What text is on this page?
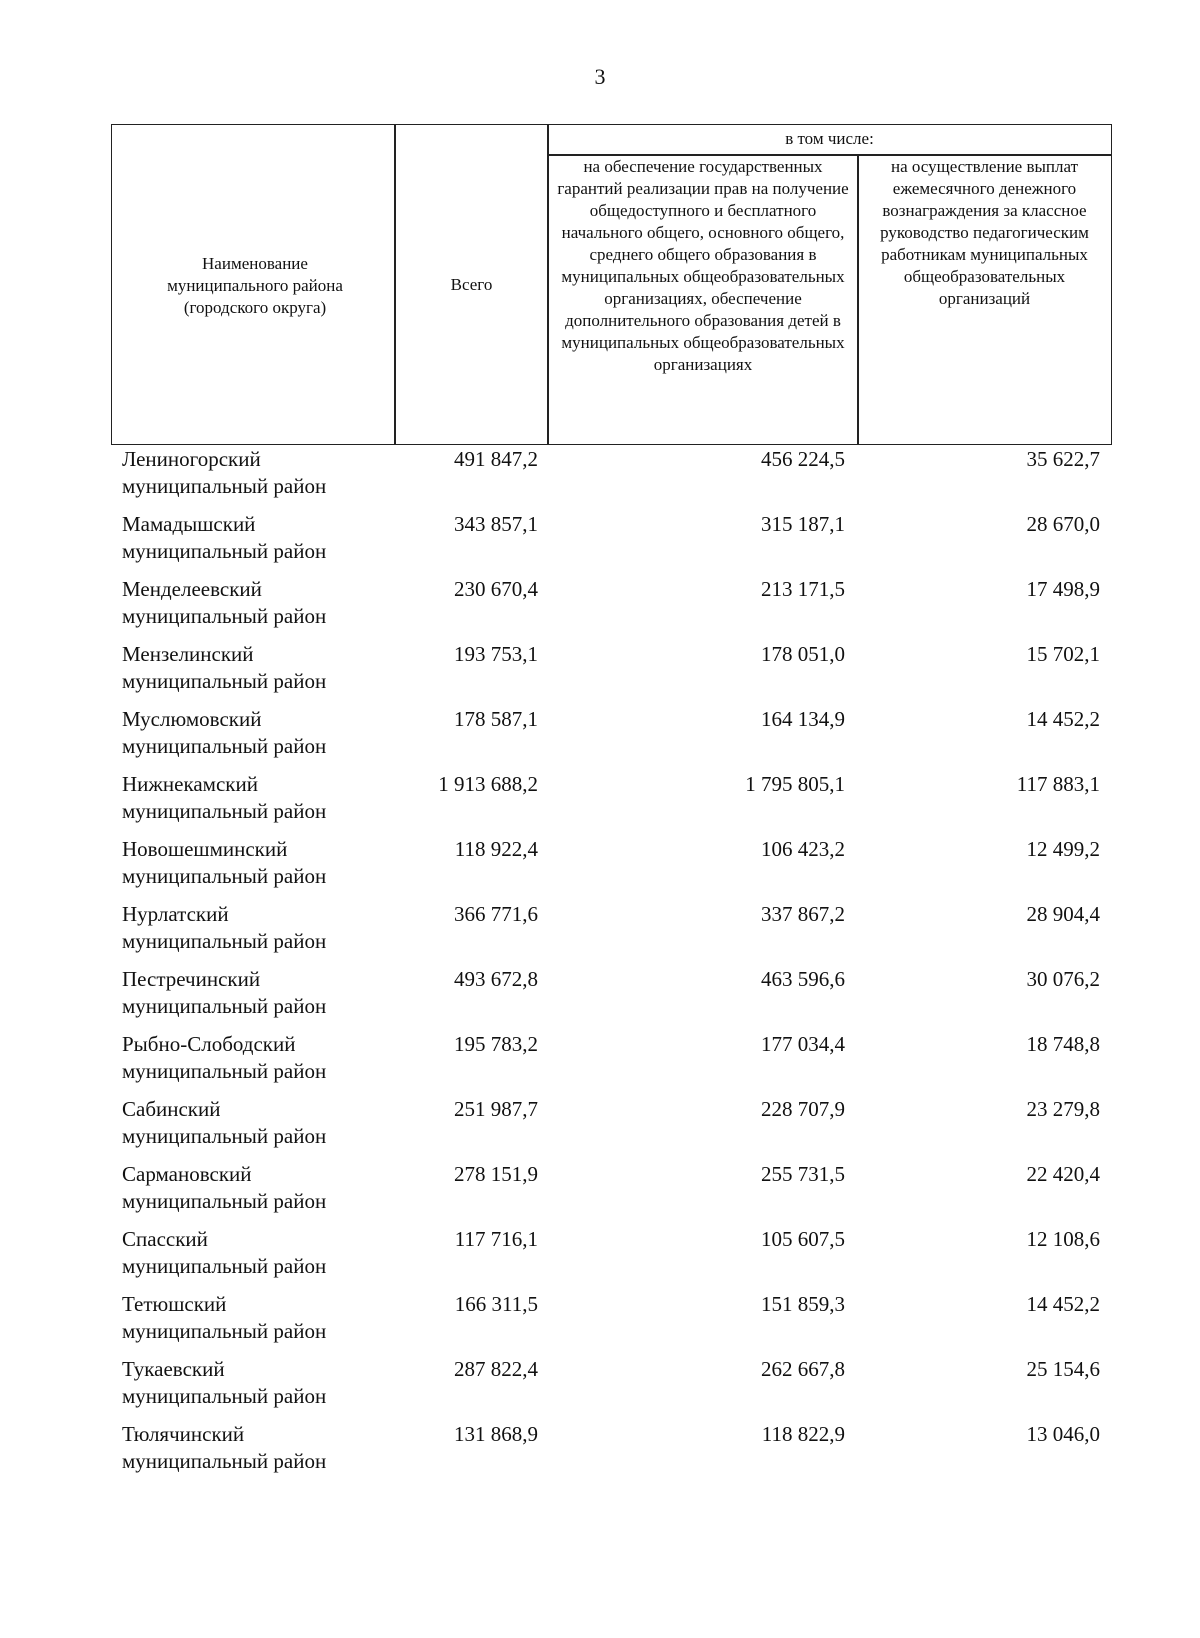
3
Наименование муниципального района (городского округа)
Всего
в том числе:
на обеспечение государственных гарантий реализации прав на получение общедоступного и бесплатного начального общего, основного общего, среднего общего образования в муниципальных общеобразовательных организациях, обеспечение дополнительного образования детей в муниципальных общеобразовательных организациях
на осуществление выплат ежемесячного денежного вознаграждения за классное руководство педагогическим работникам муниципальных общеобразовательных организаций
Лениногорский
муниципальный район
491 847,2	456 224,5	35 622,7
Мамадышский
муниципальный район
343 857,1	315 187,1	28 670,0
Менделеевский
муниципальный район
230 670,4	213 171,5	17 498,9
Мензелинский
муниципальный район
193 753,1	178 051,0	15 702,1
Муслюмовский
муниципальный район
178 587,1	164 134,9	14 452,2
Нижнекамский
муниципальный район
1 913 688,2	1 795 805,1	117 883,1
Новошешминский
муниципальный район
118 922,4	106 423,2	12 499,2
Нурлатский
муниципальный район
366 771,6	337 867,2	28 904,4
Пестречинский
муниципальный район
493 672,8	463 596,6	30 076,2
Рыбно-Слободский
муниципальный район
195 783,2	177 034,4	18 748,8
Сабинский
муниципальный район
251 987,7	228 707,9	23 279,8
Сармановский
муниципальный район
278 151,9	255 731,5	22 420,4
Спасский
муниципальный район
117 716,1	105 607,5	12 108,6
Тетюшский
муниципальный район
166 311,5	151 859,3	14 452,2
Тукаевский
муниципальный район
287 822,4	262 667,8	25 154,6
Тюлячинский
муниципальный район
131 868,9	118 822,9	13 046,0
